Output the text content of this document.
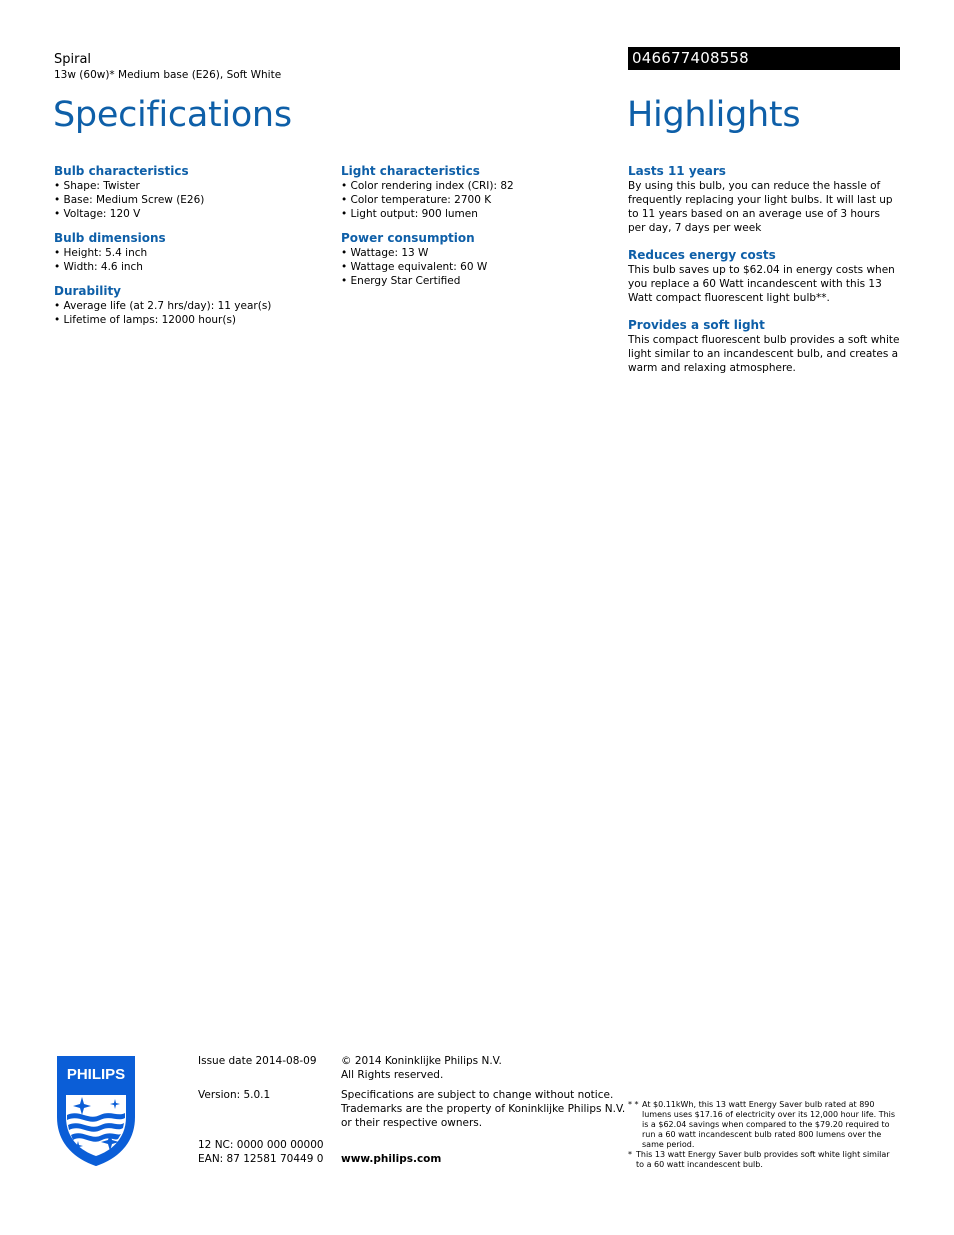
Spiral
13w (60w)* Medium base (E26), Soft White
046677408558
Specifications	Highlights

Bulb characteristics

• Shape: Twister
• Base: Medium Screw (E26)
• Voltage: 120 V

Bulb dimensions

• Height: 5.4 inch
• Width: 4.6 inch

Durability

• Average life (at 2.7 hrs/day): 11 year(s)
• Lifetime of lamps: 12000 hour(s)

Light characteristics

• Color rendering index (CRI): 82
• Color temperature: 2700 K
• Light output: 900 lumen

Power consumption

• Wattage: 13 W
• Wattage equivalent: 60 W
• Energy Star Certified

Lasts 11 years

By using this bulb, you can reduce the hassle of frequently replacing your light bulbs. It will last up to 11 years based on an average use of 3 hours per day, 7 days per week

Reduces energy costs

This bulb saves up to $62.04 in energy costs when you replace a 60 Watt incandescent with this 13 Watt compact fluorescent light bulb**.

Provides a soft light

This compact fluorescent bulb provides a soft white light similar to an incandescent bulb, and creates a warm and relaxing atmosphere.

PHILIPS
Issue date 2014-08-09
Version: 5.0.1
12 NC: 0000 000 00000
EAN: 87 12581 70449 0
© 2014 Koninklijke Philips N.V.
All Rights reserved.
Specifications are subject to change without notice.
Trademarks are the property of Koninklijke Philips N.V.
or their respective owners.
www.philips.com
* * At $0.11kWh, this 13 watt Energy Saver bulb rated at 890 lumens uses $17.16 of electricity over its 12,000 hour life. This is a $62.04 savings when compared to the $79.20 required to run a 60 watt incandescent bulb rated 800 lumens over the same period.
* This 13 watt Energy Saver bulb provides soft white light similar to a 60 watt incandescent bulb.
